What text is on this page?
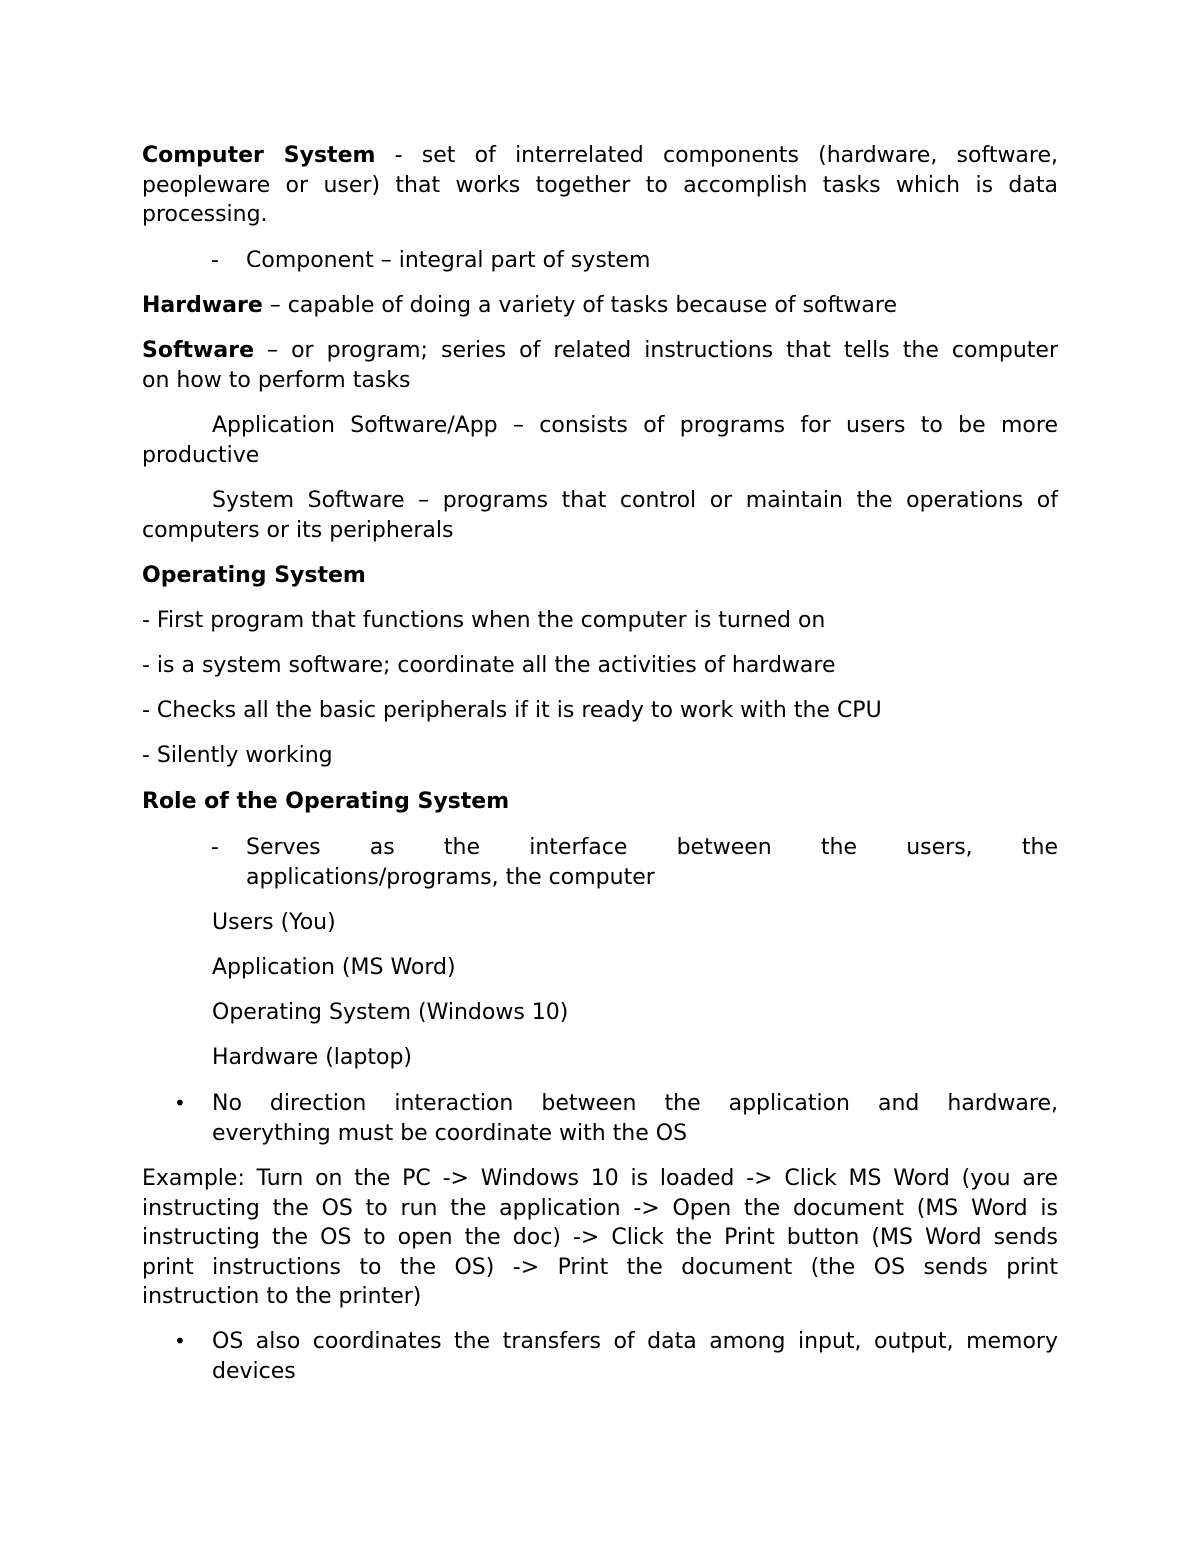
Computer System - set of interrelated components (hardware, software, peopleware or user) that works together to accomplish tasks which is data

processing.

- Component – integral part of system

Hardware – capable of doing a variety of tasks because of software

Software – or program; series of related instructions that tells the computer

on how to perform tasks

Application Software/App – consists of programs for users to be more

productive

System Software – programs that control or maintain the operations of

computers or its peripherals

Operating System

- First program that functions when the computer is turned on

- is a system software; coordinate all the activities of hardware

- Checks all the basic peripherals if it is ready to work with the CPU

- Silently working

Role of the Operating System

- Serves as the interface between the users, the

applications/programs, the computer

Users (You)

Application (MS Word)

Operating System (Windows 10)

Hardware (laptop)

• No direction interaction between the application and hardware,

everything must be coordinate with the OS

Example: Turn on the PC -> Windows 10 is loaded -> Click MS Word (you are

instructing the OS to run the application -> Open the document (MS Word is

instructing the OS to open the doc) -> Click the Print button (MS Word sends

print instructions to the OS) -> Print the document (the OS sends print

instruction to the printer)

• OS also coordinates the transfers of data among input, output, memory

devices
